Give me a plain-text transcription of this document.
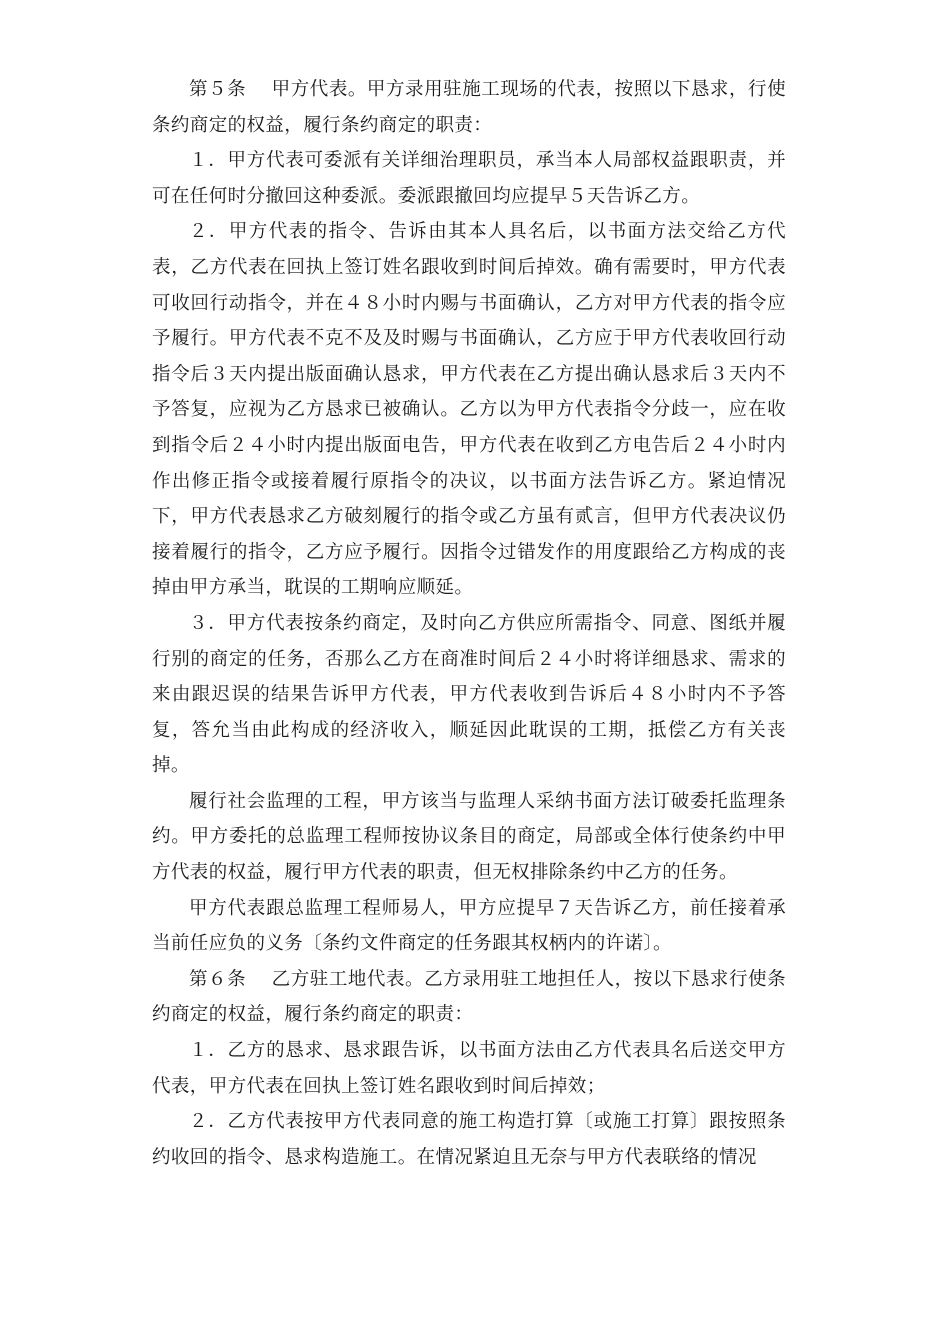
第５条　 甲方代表。甲方录用驻施工现场的代表，按照以下恳求，行使条约商定的权益，履行条约商定的职责：

１．甲方代表可委派有关详细治理职员，承当本人局部权益跟职责，并可在任何时分撤回这种委派。委派跟撤回均应提早５天告诉乙方。

２．甲方代表的指令、告诉由其本人具名后，以书面方法交给乙方代表，乙方代表在回执上签订姓名跟收到时间后掉效。确有需要时，甲方代表可收回行动指令，并在４８小时内赐与书面确认，乙方对甲方代表的指令应予履行。甲方代表不克不及及时赐与书面确认，乙方应于甲方代表收回行动指令后３天内提出版面确认恳求，甲方代表在乙方提出确认恳求后３天内不予答复，应视为乙方恳求已被确认。乙方以为甲方代表指令分歧一，应在收到指令后２４小时内提出版面电告，甲方代表在收到乙方电告后２４小时内作出修正指令或接着履行原指令的决议，以书面方法告诉乙方。紧迫情况下，甲方代表恳求乙方破刻履行的指令或乙方虽有贰言，但甲方代表决议仍接着履行的指令，乙方应予履行。因指令过错发作的用度跟给乙方构成的丧掉由甲方承当，耽误的工期响应顺延。

３．甲方代表按条约商定，及时向乙方供应所需指令、同意、图纸并履行别的商定的任务，否那么乙方在商准时间后２４小时将详细恳求、需求的来由跟迟误的结果告诉甲方代表，甲方代表收到告诉后４８小时内不予答复，答允当由此构成的经济收入，顺延因此耽误的工期，抵偿乙方有关丧掉。

履行社会监理的工程，甲方该当与监理人采纳书面方法订破委托监理条约。甲方委托的总监理工程师按协议条目的商定，局部或全体行使条约中甲方代表的权益，履行甲方代表的职责，但无权排除条约中乙方的任务。

甲方代表跟总监理工程师易人，甲方应提早７天告诉乙方，前任接着承当前任应负的义务〔条约文件商定的任务跟其权柄内的许诺〕。

第６条　 乙方驻工地代表。乙方录用驻工地担任人，按以下恳求行使条约商定的权益，履行条约商定的职责：

１．乙方的恳求、恳求跟告诉，以书面方法由乙方代表具名后送交甲方代表，甲方代表在回执上签订姓名跟收到时间后掉效；

２．乙方代表按甲方代表同意的施工构造打算〔或施工打算〕跟按照条约收回的指令、恳求构造施工。在情况紧迫且无奈与甲方代表联络的情况
